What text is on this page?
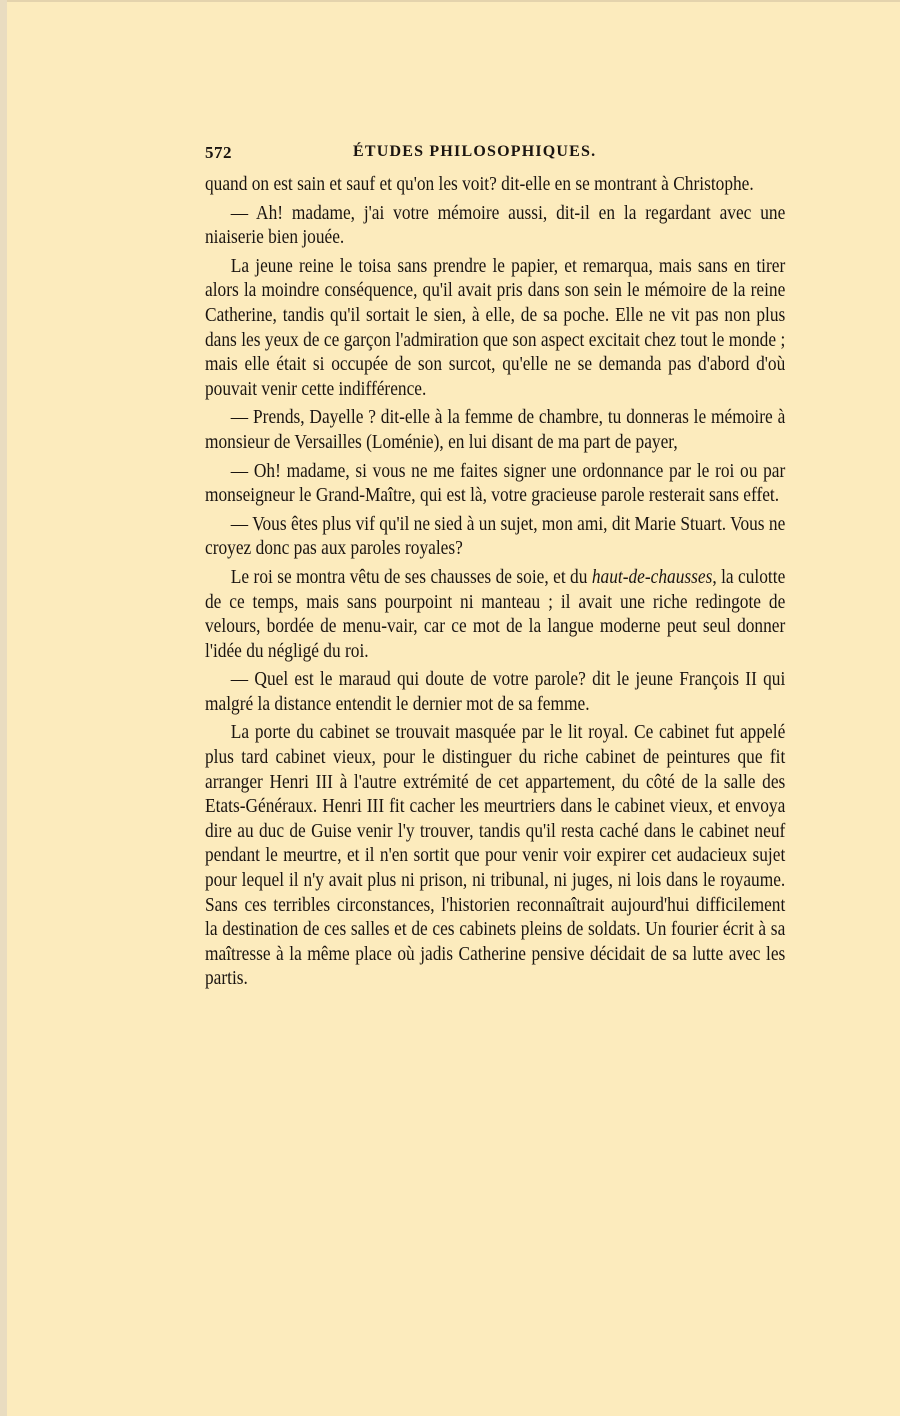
572	ÉTUDES PHILOSOPHIQUES.

quand on est sain et sauf et qu'on les voit? dit-elle en se montrant à Christophe.

— Ah! madame, j'ai votre mémoire aussi, dit-il en la regardant avec une niaiserie bien jouée.

La jeune reine le toisa sans prendre le papier, et remarqua, mais sans en tirer alors la moindre conséquence, qu'il avait pris dans son sein le mémoire de la reine Catherine, tandis qu'il sortait le sien, à elle, de sa poche. Elle ne vit pas non plus dans les yeux de ce garçon l'admiration que son aspect excitait chez tout le monde ; mais elle était si occupée de son surcot, qu'elle ne se demanda pas d'abord d'où pouvait venir cette indifférence.

— Prends, Dayelle ? dit-elle à la femme de chambre, tu donneras le mémoire à monsieur de Versailles (Loménie), en lui disant de ma part de payer,

— Oh! madame, si vous ne me faites signer une ordonnance par le roi ou par monseigneur le Grand-Maître, qui est là, votre gracieuse parole resterait sans effet.

— Vous êtes plus vif qu'il ne sied à un sujet, mon ami, dit Marie Stuart. Vous ne croyez donc pas aux paroles royales?

Le roi se montra vêtu de ses chausses de soie, et du haut-de-chausses, la culotte de ce temps, mais sans pourpoint ni manteau ; il avait une riche redingote de velours, bordée de menu-vair, car ce mot de la langue moderne peut seul donner l'idée du négligé du roi.

— Quel est le maraud qui doute de votre parole? dit le jeune François II qui malgré la distance entendit le dernier mot de sa femme.

La porte du cabinet se trouvait masquée par le lit royal. Ce cabinet fut appelé plus tard cabinet vieux, pour le distinguer du riche cabinet de peintures que fit arranger Henri III à l'autre extrémité de cet appartement, du côté de la salle des Etats-Généraux. Henri III fit cacher les meurtriers dans le cabinet vieux, et envoya dire au duc de Guise venir l'y trouver, tandis qu'il resta caché dans le cabinet neuf pendant le meurtre, et il n'en sortit que pour venir voir expirer cet audacieux sujet pour lequel il n'y avait plus ni prison, ni tribunal, ni juges, ni lois dans le royaume. Sans ces terribles circonstances, l'historien reconnaîtrait aujourd'hui difficilement la destination de ces salles et de ces cabinets pleins de soldats. Un fourier écrit à sa maîtresse à la même place où jadis Catherine pensive décidait de sa lutte avec les partis.
